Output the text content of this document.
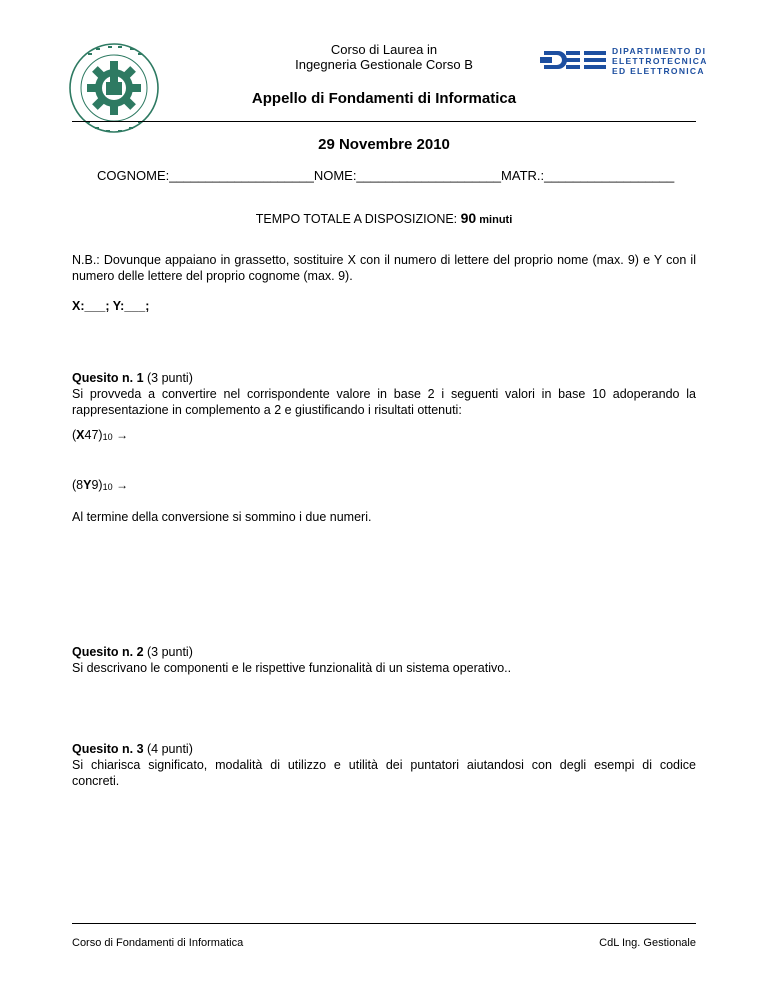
Corso di Laurea in
Ingegneria Gestionale Corso B
DIPARTIMENTO DI
ELETTROTECNICA
ED ELETTRONICA
Appello di Fondamenti di Informatica
29 Novembre 2010
COGNOME:____________________NOME:____________________MATR.:__________________
TEMPO TOTALE A DISPOSIZIONE: 90 minuti
N.B.: Dovunque appaiano in grassetto, sostituire X con il numero di lettere del proprio nome (max. 9) e Y con il numero delle lettere del proprio cognome (max. 9).
X:___; Y:___;
Quesito n. 1 (3 punti)
Si provveda a convertire nel corrispondente valore in base 2 i seguenti valori in base 10 adoperando la
rappresentazione in complemento a 2 e giustificando i risultati ottenuti:
$(X47)_{10}$ →
$(8Y9)_{10}$ →
Al termine della conversione si sommino i due numeri.
Quesito n. 2 (3 punti)
Si descrivano le componenti e le rispettive funzionalità di un sistema operativo..
Quesito n. 3 (4 punti)
Si chiarisca significato, modalità di utilizzo e utilità dei puntatori aiutandosi con degli esempi di codice
concreti.
Corso di Fondamenti di Informatica	CdL Ing. Gestionale
